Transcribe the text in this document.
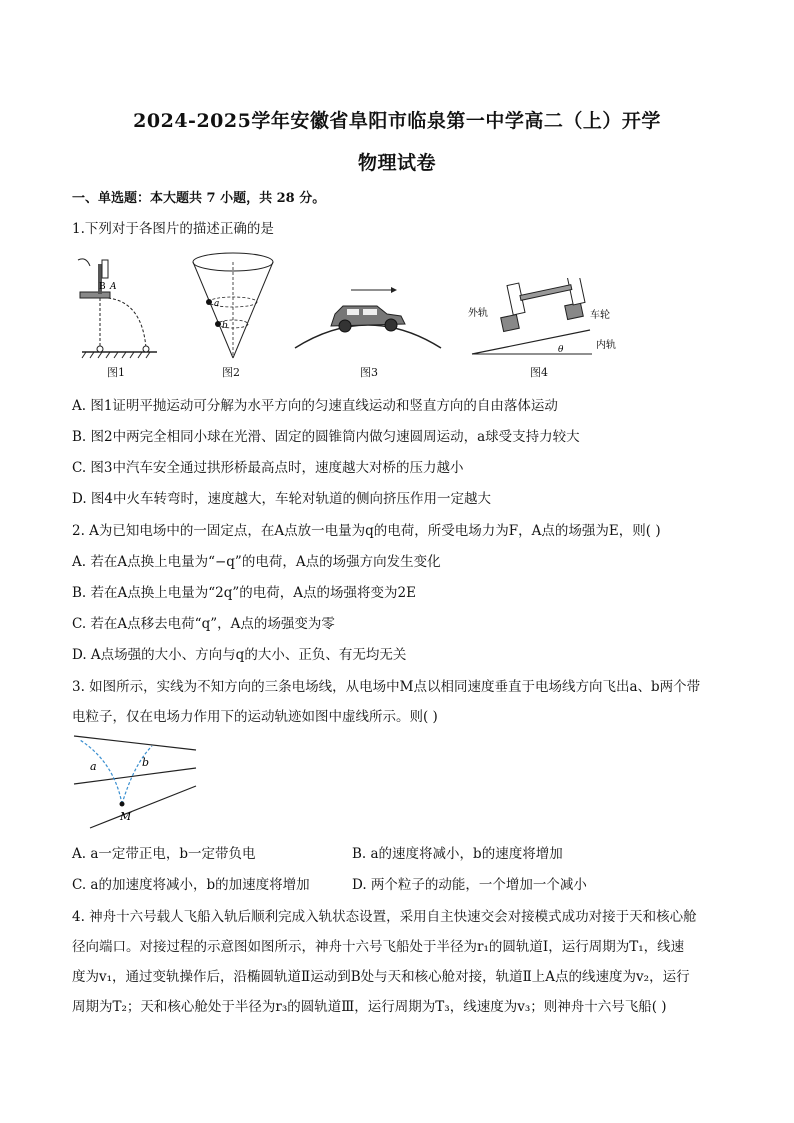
2024-2025学年安徽省阜阳市临泉第一中学高二（上）开学
物理试卷
一、单选题：本大题共 7 小题，共 28 分。
1.下列对于各图片的描述正确的是
B A
图1
a
b
图2	图3
外轨	车轮
内轨
θ
图4
A. 图1证明平抛运动可分解为水平方向的匀速直线运动和竖直方向的自由落体运动
B. 图2中两完全相同小球在光滑、固定的圆锥筒内做匀速圆周运动，a球受支持力较大
C. 图3中汽车安全通过拱形桥最高点时，速度越大对桥的压力越小
D. 图4中火车转弯时，速度越大，车轮对轨道的侧向挤压作用一定越大
2. A为已知电场中的一固定点，在A点放一电量为q的电荷，所受电场力为F，A点的场强为E，则( )
A. 若在A点换上电量为“−q”的电荷，A点的场强方向发生变化
B. 若在A点换上电量为“2q”的电荷，A点的场强将变为2E
C. 若在A点移去电荷“q”，A点的场强变为零
D. A点场强的大小、方向与q的大小、正负、有无均无关
3. 如图所示，实线为不知方向的三条电场线，从电场中M点以相同速度垂直于电场线方向飞出a、b两个带
电粒子，仅在电场力作用下的运动轨迹如图中虚线所示。则( )
a	b
M
A. a一定带正电，b一定带负电	B. a的速度将减小，b的速度将增加
C. a的加速度将减小，b的加速度将增加	D. 两个粒子的动能，一个增加一个减小
4. 神舟十六号载人飞船入轨后顺利完成入轨状态设置，采用自主快速交会对接模式成功对接于天和核心舱
径向端口。对接过程的示意图如图所示，神舟十六号飞船处于半径为r₁的圆轨道Ⅰ，运行周期为T₁，线速
度为v₁，通过变轨操作后，沿椭圆轨道Ⅱ运动到B处与天和核心舱对接，轨道Ⅱ上A点的线速度为v₂，运行
周期为T₂；天和核心舱处于半径为r₃的圆轨道Ⅲ，运行周期为T₃，线速度为v₃；则神舟十六号飞船( )
